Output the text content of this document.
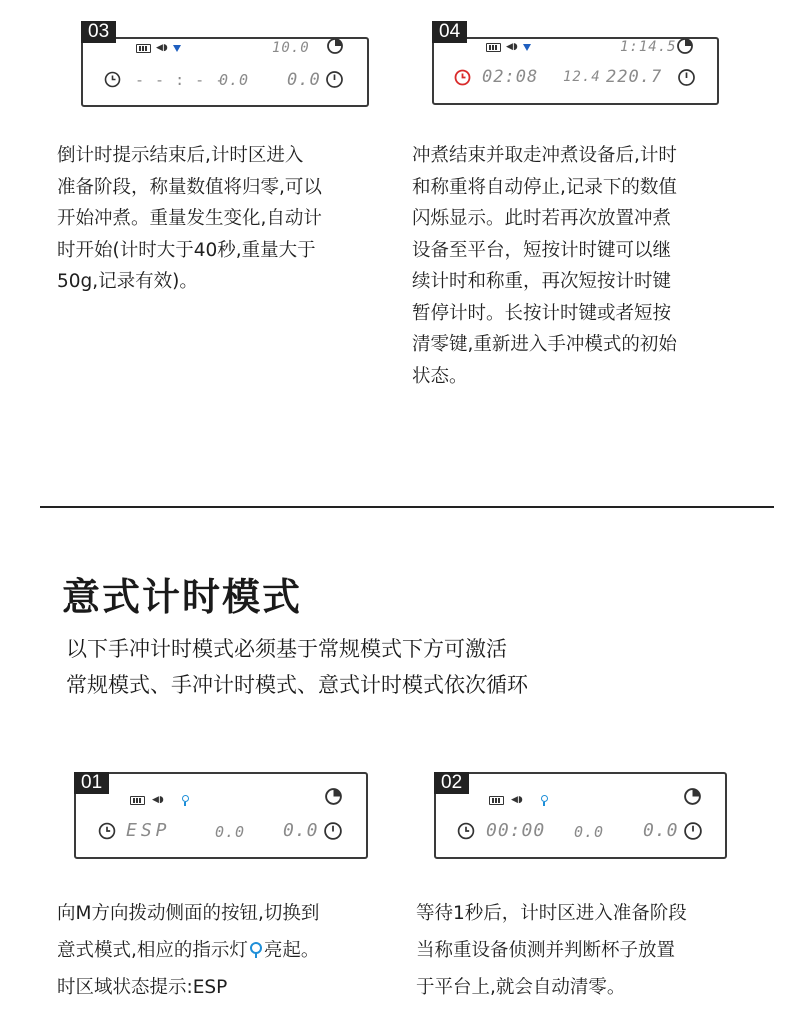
03
◀◗	10.0
- - : - -
0.0 0.0
倒计时提示结束后,计时区进入
准备阶段，称量数值将归零,可以
开始冲煮。重量发生变化,自动计
时开始(计时大于40秒,重量大于
50g,记录有效)。
04
◀◗	1:14.5
02:08 12.4 220.7
冲煮结束并取走冲煮设备后,计时
和称重将自动停止,记录下的数值
闪烁显示。此时若再次放置冲煮
设备至平台，短按计时键可以继
续计时和称重，再次短按计时键
暂停计时。长按计时键或者短按
清零键,重新进入手冲模式的初始
状态。
意式计时模式
以下手冲计时模式必须基于常规模式下方可激活
常规模式、手冲计时模式、意式计时模式依次循环
01
◀◗
ESP	0.0 0.0
向M方向拨动侧面的按钮,切换到
意式模式,相应的指示灯 亮起。
时区域状态提示:ESP
02
◀◗
00:00 0.0 0.0
等待1秒后，计时区进入准备阶段
当称重设备侦测并判断杯子放置
于平台上,就会自动清零。
